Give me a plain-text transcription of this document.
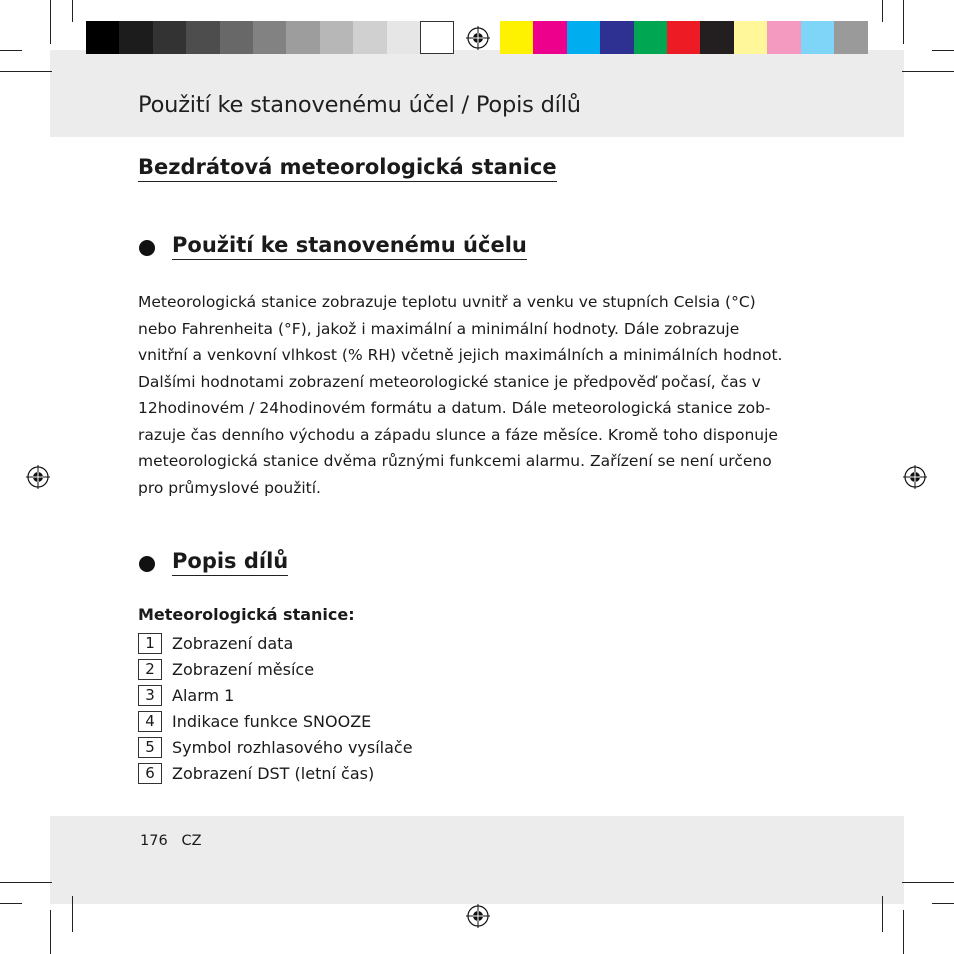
Použití ke stanovenému účel / Popis dílů
Bezdrátová meteorologická stanice
Použití ke stanovenému účelu
Meteorologická stanice zobrazuje teplotu uvnitř a venku ve stupních Celsia (°C)
nebo Fahrenheita (°F), jakož i maximální a minimální hodnoty. Dále zobrazuje
vnitřní a venkovní vlhkost (% RH) včetně jejich maximálních a minimálních hodnot.
Dalšími hodnotami zobrazení meteorologické stanice je předpověď počasí, čas v
12hodinovém / 24hodinovém formátu a datum. Dále meteorologická stanice zob-
razuje čas denního východu a západu slunce a fáze měsíce. Kromě toho disponuje
meteorologická stanice dvěma různými funkcemi alarmu. Zařízení se není určeno
pro průmyslové použití.
Popis dílů
Meteorologická stanice:
1	Zobrazení data
2	Zobrazení měsíce
3	Alarm 1
4	Indikace funkce SNOOZE
5	Symbol rozhlasového vysílače
6	Zobrazení DST (letní čas)
176 CZ
